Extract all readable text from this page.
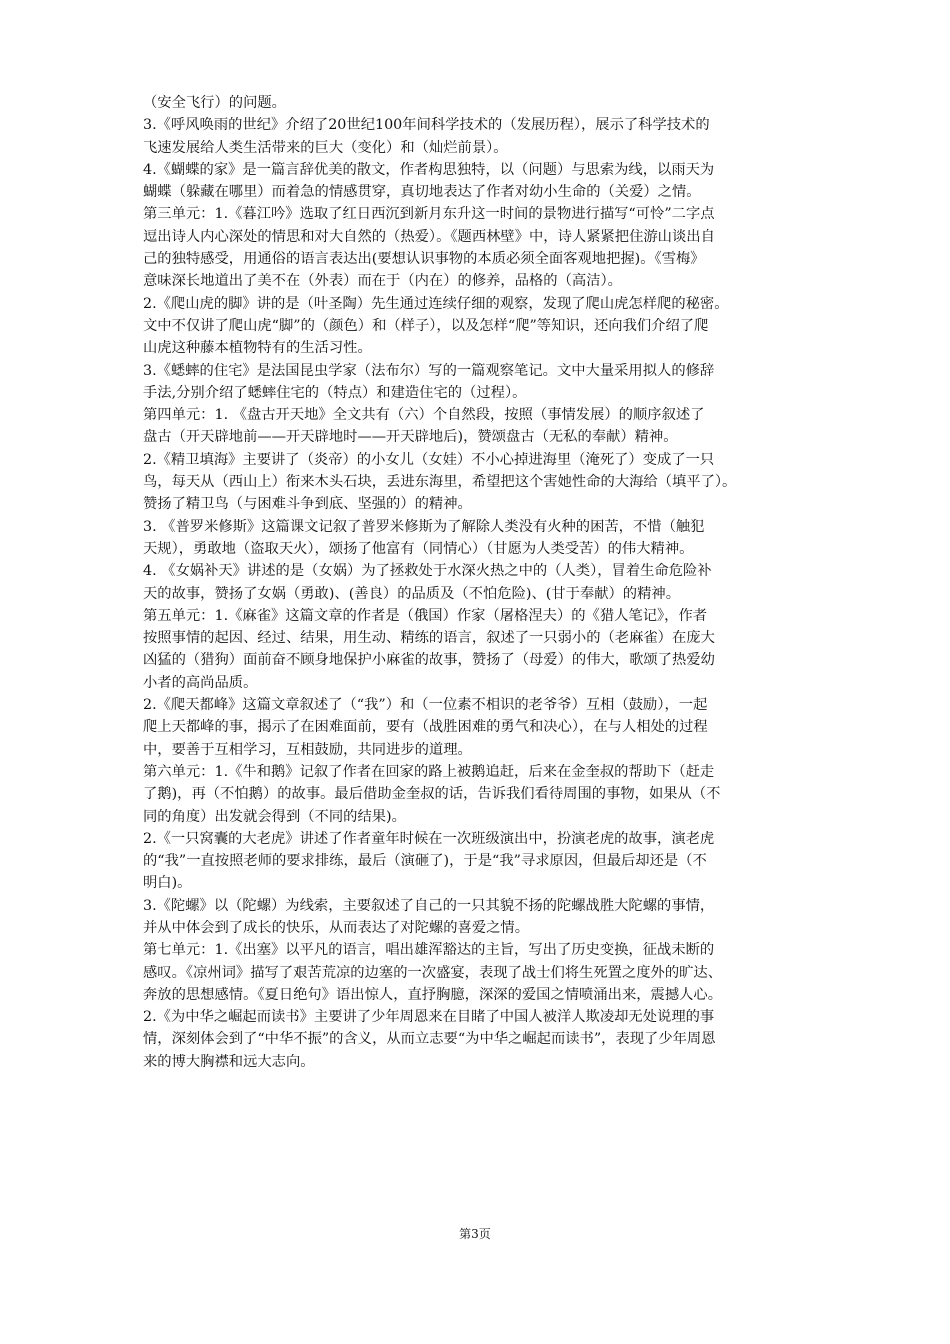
（安全飞行）的问题。
3.《呼风唤雨的世纪》介绍了20世纪100年间科学技术的（发展历程），展示了科学技术的
飞速发展给人类生活带来的巨大（变化）和（灿烂前景）。
4.《蝴蝶的家》是一篇言辞优美的散文，作者构思独特，以（问题）与思索为线，以雨天为
蝴蝶（躲藏在哪里）而着急的情感贯穿，真切地表达了作者对幼小生命的（关爱）之情。
第三单元：1.《暮江吟》选取了红日西沉到新月东升这一时间的景物进行描写“可怜”二字点
逗出诗人内心深处的情思和对大自然的（热爱）。《题西林壁》中，诗人紧紧把住游山谈出自
己的独特感受，用通俗的语言表达出(要想认识事物的本质必须全面客观地把握)。《雪梅》
意味深长地道出了美不在（外表）而在于（内在）的修养，品格的（高洁）。
2.《爬山虎的脚》讲的是（叶圣陶）先生通过连续仔细的观察，发现了爬山虎怎样爬的秘密。
文中不仅讲了爬山虎“脚”的（颜色）和（样子），以及怎样“爬”等知识，还向我们介绍了爬
山虎这种藤本植物特有的生活习性。
3.《蟋蟀的住宅》是法国昆虫学家（法布尔）写的一篇观察笔记。文中大量采用拟人的修辞
手法,分别介绍了蟋蟀住宅的（特点）和建造住宅的（过程）。
第四单元：1. 《盘古开天地》全文共有（六）个自然段，按照（事情发展）的顺序叙述了
盘古（开天辟地前——开天辟地时——开天辟地后)，赞颂盘古（无私的奉献）精神。
2.《精卫填海》主要讲了（炎帝）的小女儿（女娃）不小心掉进海里（淹死了）变成了一只
鸟，每天从（西山上）衔来木头石块，丢进东海里，希望把这个害她性命的大海给（填平了）。
赞扬了精卫鸟（与困难斗争到底、坚强的）的精神。
3. 《普罗米修斯》这篇课文记叙了普罗米修斯为了解除人类没有火种的困苦，不惜（触犯
天规），勇敢地（盗取天火），颂扬了他富有（同情心）（甘愿为人类受苦）的伟大精神。
4. 《女娲补天》讲述的是（女娲）为了拯救处于水深火热之中的（人类），冒着生命危险补
天的故事，赞扬了女娲（勇敢)、(善良）的品质及（不怕危险)、(甘于奉献）的精神。
第五单元：1.《麻雀》这篇文章的作者是（俄国）作家（屠格涅夫）的《猎人笔记》，作者
按照事情的起因、经过、结果，用生动、精练的语言，叙述了一只弱小的（老麻雀）在庞大
凶猛的（猎狗）面前奋不顾身地保护小麻雀的故事，赞扬了（母爱）的伟大，歌颂了热爱幼
小者的高尚品质。
2.《爬天都峰》这篇文章叙述了（“我”）和（一位素不相识的老爷爷）互相（鼓励），一起
爬上天都峰的事，揭示了在困难面前，要有（战胜困难的勇气和决心），在与人相处的过程
中，要善于互相学习，互相鼓励，共同进步的道理。
第六单元：1.《牛和鹅》记叙了作者在回家的路上被鹅追赶，后来在金奎叔的帮助下（赶走
了鹅)，再（不怕鹅）的故事。最后借助金奎叔的话，告诉我们看待周围的事物，如果从（不
同的角度）出发就会得到（不同的结果)。
2.《一只窝囊的大老虎》讲述了作者童年时候在一次班级演出中，扮演老虎的故事，演老虎
的“我”一直按照老师的要求排练，最后（演砸了)，于是“我”寻求原因，但最后却还是（不
明白)。
3.《陀螺》以（陀螺）为线索，主要叙述了自己的一只其貌不扬的陀螺战胜大陀螺的事情，
并从中体会到了成长的快乐，从而表达了对陀螺的喜爱之情。
第七单元：1.《出塞》以平凡的语言，唱出雄浑豁达的主旨，写出了历史变换，征战未断的
感叹。《凉州词》描写了艰苦荒凉的边塞的一次盛宴，表现了战士们将生死置之度外的旷达、
奔放的思想感情。《夏日绝句》语出惊人，直抒胸臆，深深的爱国之情喷涌出来，震撼人心。
2.《为中华之崛起而读书》主要讲了少年周恩来在目睹了中国人被洋人欺凌却无处说理的事
情，深刻体会到了“中华不振”的含义，从而立志要“为中华之崛起而读书”，表现了少年周恩
来的博大胸襟和远大志向。
第3页
